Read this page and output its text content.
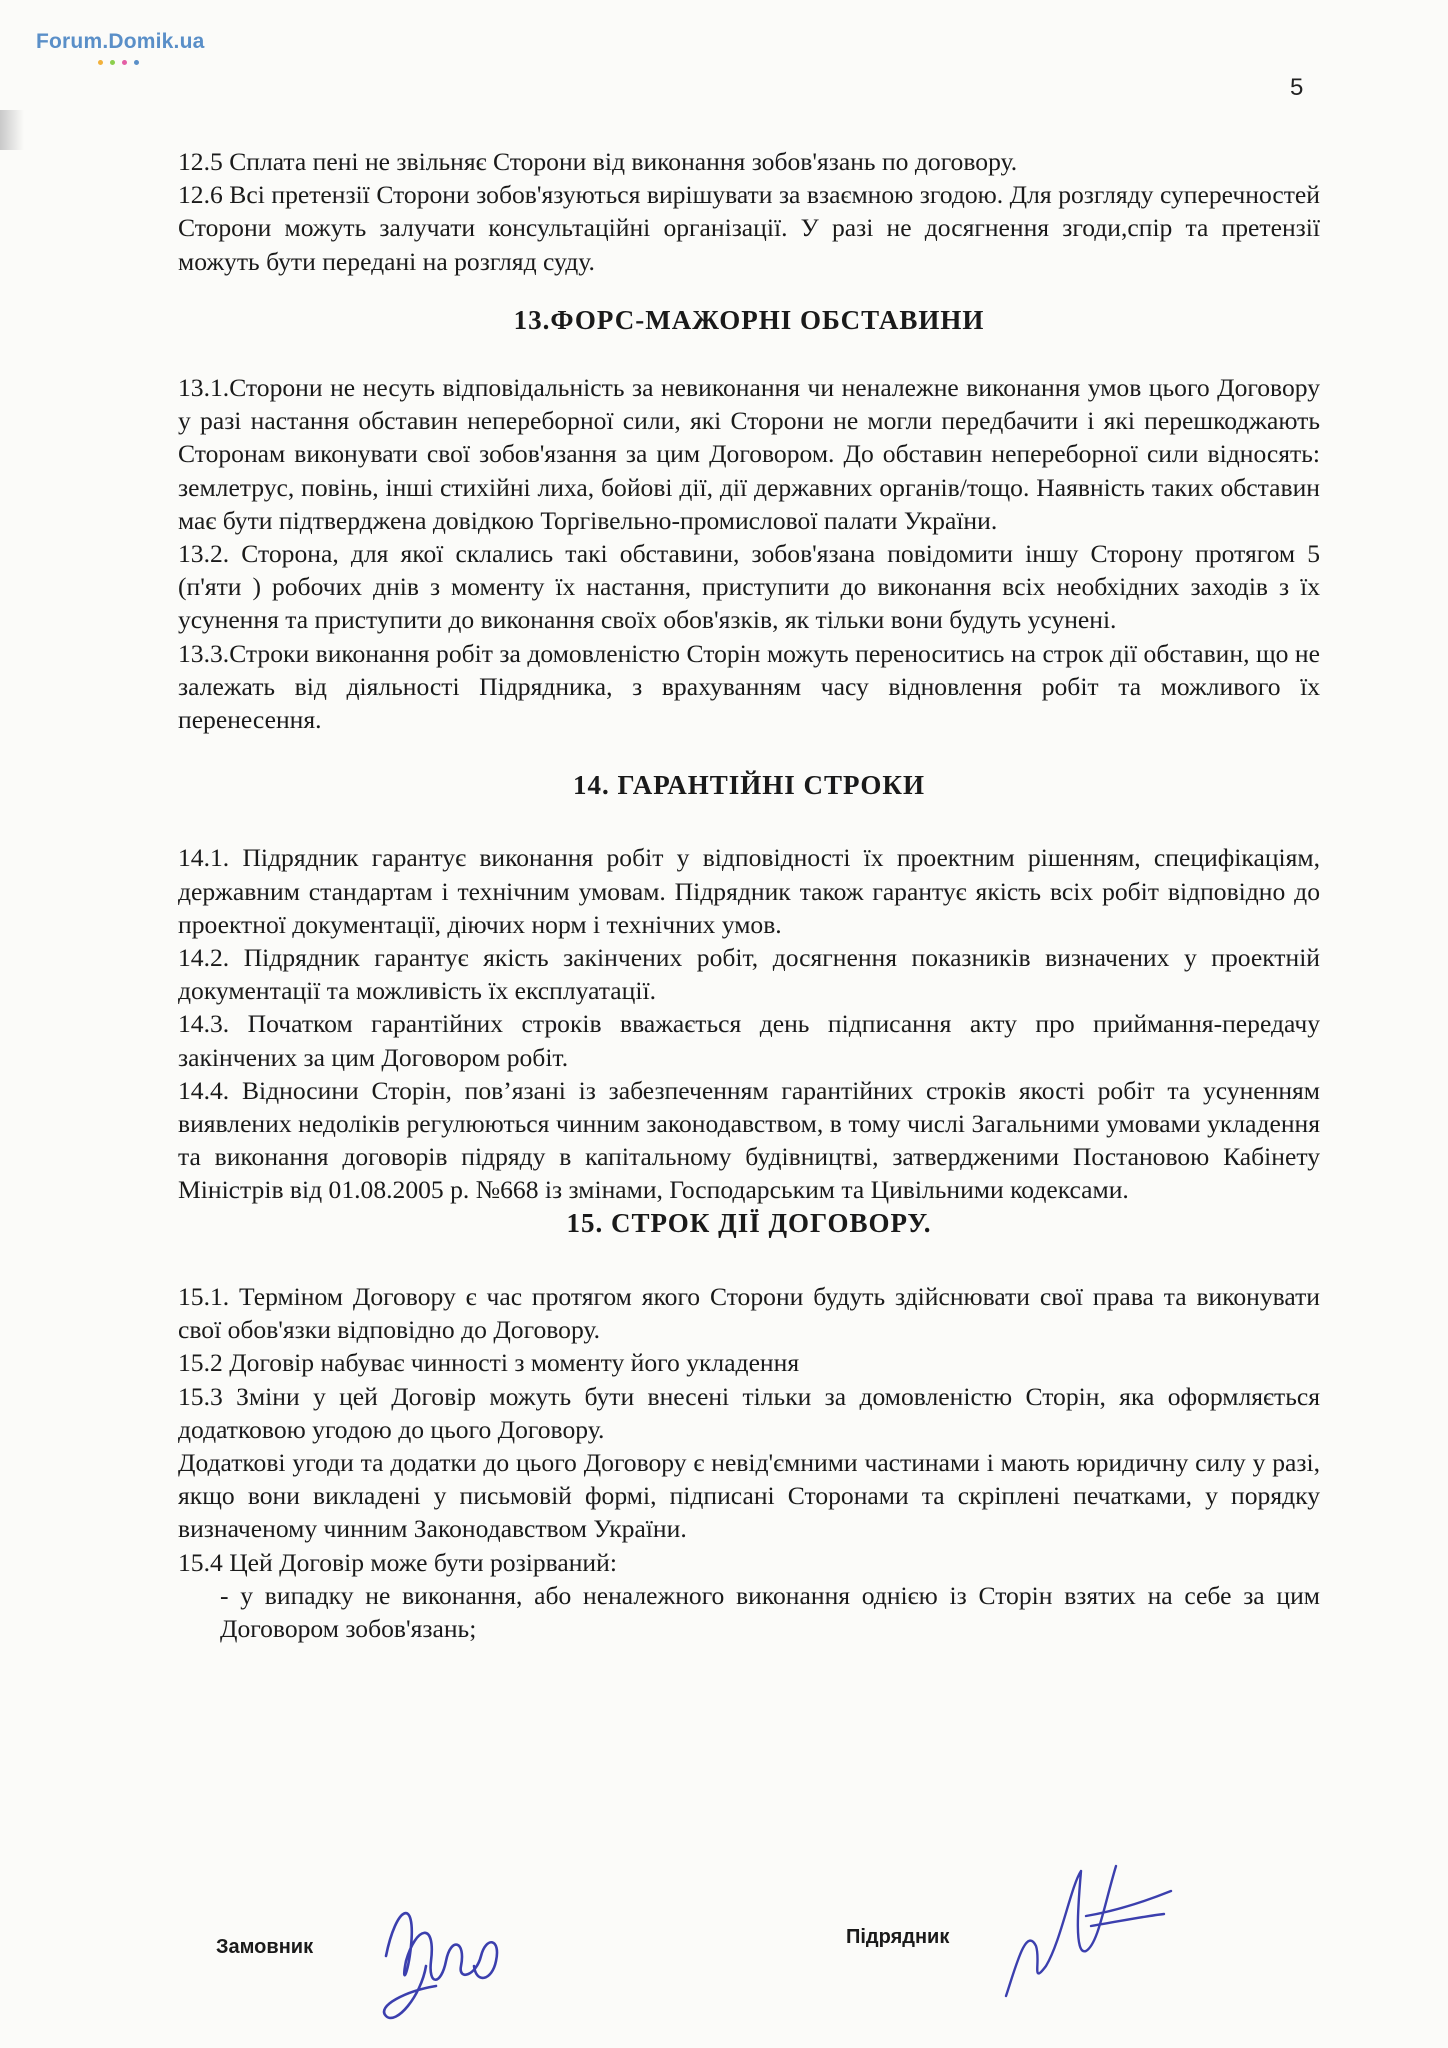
Forum.Domik.ua
5

12.5 Сплата пені не звільняє Сторони від виконання зобов'язань по договору.

12.6 Всі претензії Сторони зобов'язуються вирішувати за взаємною згодою. Для розгляду суперечностей Сторони можуть залучати консультаційні організації. У разі не досягнення згоди,спір та претензії можуть бути передані на розгляд суду.

13.ФОРС-МАЖОРНІ ОБСТАВИНИ

13.1.Сторони не несуть відповідальність за невиконання чи неналежне виконання умов цього Договору у разі настання обставин непереборної сили, які Сторони не могли передбачити і які перешкоджають Сторонам виконувати свої зобов'язання за цим Договором. До обставин непереборної сили відносять: землетрус, повінь, інші стихійні лиха, бойові дії, дії державних органів/тощо. Наявність таких обставин має бути підтверджена довідкою Торгівельно-промислової палати України.

13.2. Сторона, для якої склались такі обставини, зобов'язана повідомити іншу Сторону протягом 5 (п'яти ) робочих днів з моменту їх настання, приступити до виконання всіх необхідних заходів з їх усунення та приступити до виконання своїх обов'язків, як тільки вони будуть усунені.

13.3.Строки виконання робіт за домовленістю Сторін можуть переноситись на строк дії обставин, що не залежать від діяльності Підрядника, з врахуванням часу відновлення робіт та можливого їх перенесення.

14. ГАРАНТІЙНІ СТРОКИ

14.1. Підрядник гарантує виконання робіт у відповідності їх проектним рішенням, специфікаціям, державним стандартам і технічним умовам. Підрядник також гарантує якість всіх робіт відповідно до проектної документації, діючих норм і технічних умов.

14.2. Підрядник гарантує якість закінчених робіт, досягнення показників визначених у проектній документації та можливість їх експлуатації.

14.3. Початком гарантійних строків вважається день підписання акту про приймання-передачу закінчених за цим Договором робіт.

14.4. Відносини Сторін, пов’язані із забезпеченням гарантійних строків якості робіт та усуненням виявлених недоліків регулюються чинним законодавством, в тому числі Загальними умовами укладення та виконання договорів підряду в капітальному будівництві, затвердженими Постановою Кабінету Міністрів від 01.08.2005 р. №668 із змінами, Господарським та Цивільними кодексами.

15. СТРОК ДІЇ ДОГОВОРУ.

15.1. Терміном Договору є час протягом якого Сторони будуть здійснювати свої права та виконувати свої обов'язки відповідно до Договору.

15.2 Договір набуває чинності з моменту його укладення

15.3 Зміни у цей Договір можуть бути внесені тільки за домовленістю Сторін, яка оформляється додатковою угодою до цього Договору.

Додаткові угоди та додатки до цього Договору є невід'ємними частинами і мають юридичну силу у разі, якщо вони викладені у письмовій формі, підписані Сторонами та скріплені печатками, у порядку визначеному чинним Законодавством України.

15.4 Цей Договір може бути розірваний:

- у випадку не виконання, або неналежного виконання однією із Сторін взятих на себе за цим Договором зобов'язань;

Замовник	Підрядник
